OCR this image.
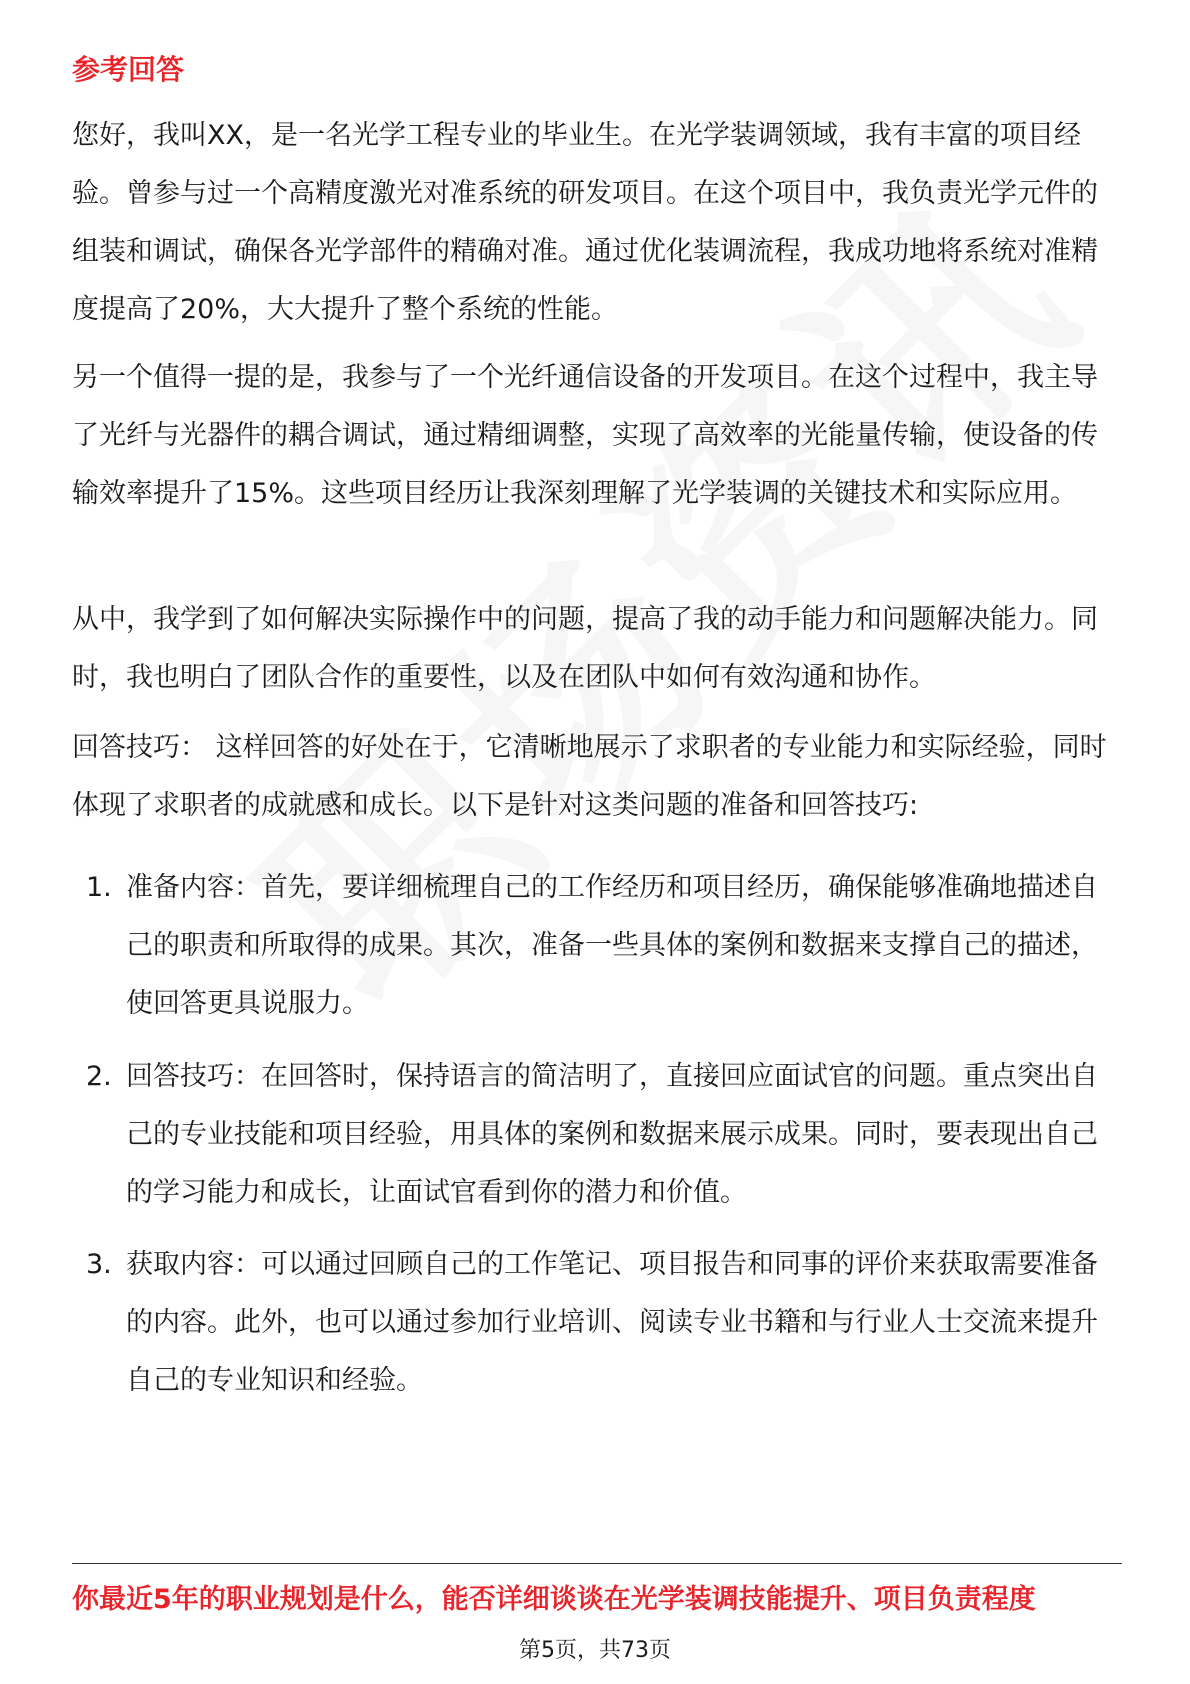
参考回答

您好，我叫XX，是一名光学工程专业的毕业生。在光学装调领域，我有丰富的项目经验。曾参与过一个高精度激光对准系统的研发项目。在这个项目中，我负责光学元件的组装和调试，确保各光学部件的精确对准。通过优化装调流程，我成功地将系统对准精度提高了20%，大大提升了整个系统的性能。

另一个值得一提的是，我参与了一个光纤通信设备的开发项目。在这个过程中，我主导了光纤与光器件的耦合调试，通过精细调整，实现了高效率的光能量传输，使设备的传输效率提升了15%。这些项目经历让我深刻理解了光学装调的关键技术和实际应用。

从中，我学到了如何解决实际操作中的问题，提高了我的动手能力和问题解决能力。同时，我也明白了团队合作的重要性，以及在团队中如何有效沟通和协作。

回答技巧： 这样回答的好处在于，它清晰地展示了求职者的专业能力和实际经验，同时体现了求职者的成就感和成长。以下是针对这类问题的准备和回答技巧:

1. 准备内容：首先，要详细梳理自己的工作经历和项目经历，确保能够准确地描述自己的职责和所取得的成果。其次，准备一些具体的案例和数据来支撑自己的描述，使回答更具说服力。
2. 回答技巧：在回答时，保持语言的简洁明了，直接回应面试官的问题。重点突出自己的专业技能和项目经验，用具体的案例和数据来展示成果。同时，要表现出自己的学习能力和成长，让面试官看到你的潜力和价值。
3. 获取内容：可以通过回顾自己的工作笔记、项目报告和同事的评价来获取需要准备的内容。此外，也可以通过参加行业培训、阅读专业书籍和与行业人士交流来提升自己的专业知识和经验。
你最近5年的职业规划是什么，能否详细谈谈在光学装调技能提升、项目负责程度
第5页，共73页
